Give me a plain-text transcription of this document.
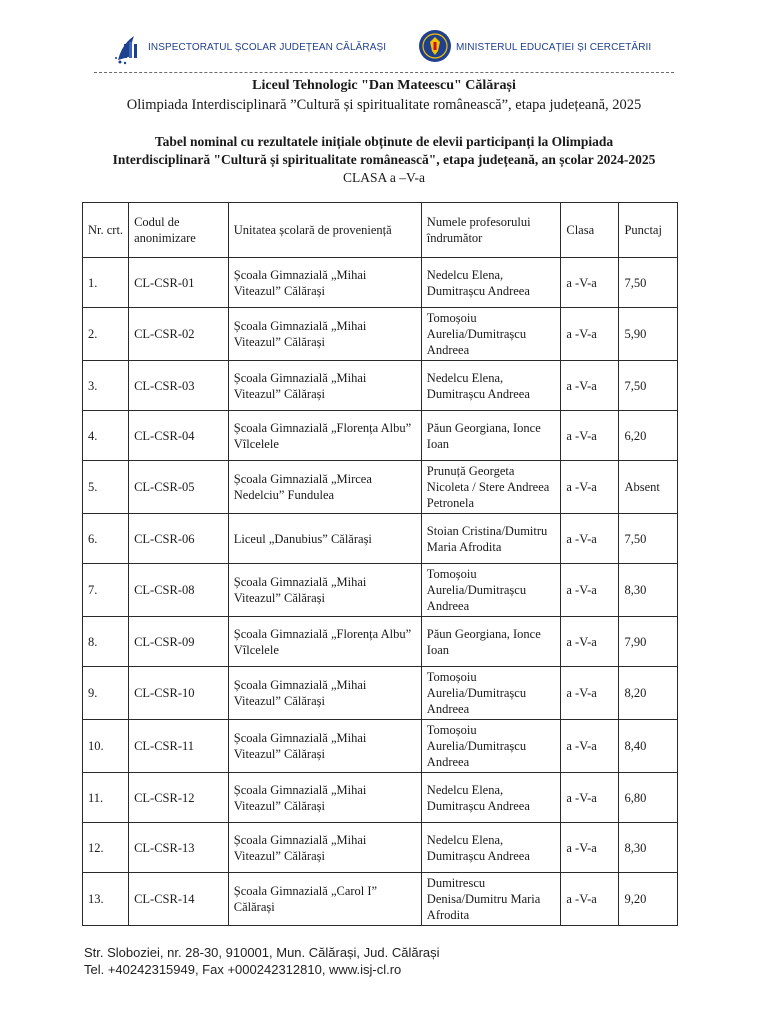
INSPECTORATUL ȘCOLAR JUDEȚEAN CĂLĂRAȘI	MINISTERUL EDUCAȚIEI ȘI CERCETĂRII
Liceul Tehnologic "Dan Mateescu" Călărași
Olimpiada Interdisciplinară ”Cultură și spiritualitate românească”, etapa județeană, 2025
Tabel nominal cu rezultatele inițiale obținute de elevii participanți la Olimpiada
Interdisciplinară "Cultură și spiritualitate românească", etapa județeană, an școlar 2024-2025
CLASA a –V-a
Nr. crt.	Codul de anonimizare	Unitatea școlară de proveniență	Numele profesorului îndrumător	Clasa	Punctaj
1.	CL-CSR-01	Școala Gimnazială „Mihai Viteazul” Călărași	Nedelcu Elena, Dumitrașcu Andreea	a -V-a	7,50
2.	CL-CSR-02	Școala Gimnazială „Mihai Viteazul” Călărași	Tomoșoiu Aurelia/Dumitrașcu Andreea	a -V-a	5,90
3.	CL-CSR-03	Școala Gimnazială „Mihai Viteazul” Călărași	Nedelcu Elena, Dumitrașcu Andreea	a -V-a	7,50
4.	CL-CSR-04	Școala Gimnazială „Florența Albu” Vîlcelele	Păun Georgiana, Ionce Ioan	a -V-a	6,20
5.	CL-CSR-05	Școala Gimnazială „Mircea Nedelciu” Fundulea	Prunuță Georgeta Nicoleta / Stere Andreea Petronela	a -V-a	Absent
6.	CL-CSR-06	Liceul „Danubius” Călărași	Stoian Cristina/Dumitru Maria Afrodita	a -V-a	7,50
7.	CL-CSR-08	Școala Gimnazială „Mihai Viteazul” Călărași	Tomoșoiu Aurelia/Dumitrașcu Andreea	a -V-a	8,30
8.	CL-CSR-09	Școala Gimnazială „Florența Albu” Vîlcelele	Păun Georgiana, Ionce Ioan	a -V-a	7,90
9.	CL-CSR-10	Școala Gimnazială „Mihai Viteazul” Călărași	Tomoșoiu Aurelia/Dumitrașcu Andreea	a -V-a	8,20
10.	CL-CSR-11	Școala Gimnazială „Mihai Viteazul” Călărași	Tomoșoiu Aurelia/Dumitrașcu Andreea	a -V-a	8,40
11.	CL-CSR-12	Școala Gimnazială „Mihai Viteazul” Călărași	Nedelcu Elena, Dumitrașcu Andreea	a -V-a	6,80
12.	CL-CSR-13	Școala Gimnazială „Mihai Viteazul” Călărași	Nedelcu Elena, Dumitrașcu Andreea	a -V-a	8,30
13.	CL-CSR-14	Școala Gimnazială „Carol I” Călărași	Dumitrescu Denisa/Dumitru Maria Afrodita	a -V-a	9,20
Str. Sloboziei, nr. 28-30, 910001, Mun. Călărași, Jud. Călărași
Tel. +40242315949, Fax +000242312810, www.isj-cl.ro
